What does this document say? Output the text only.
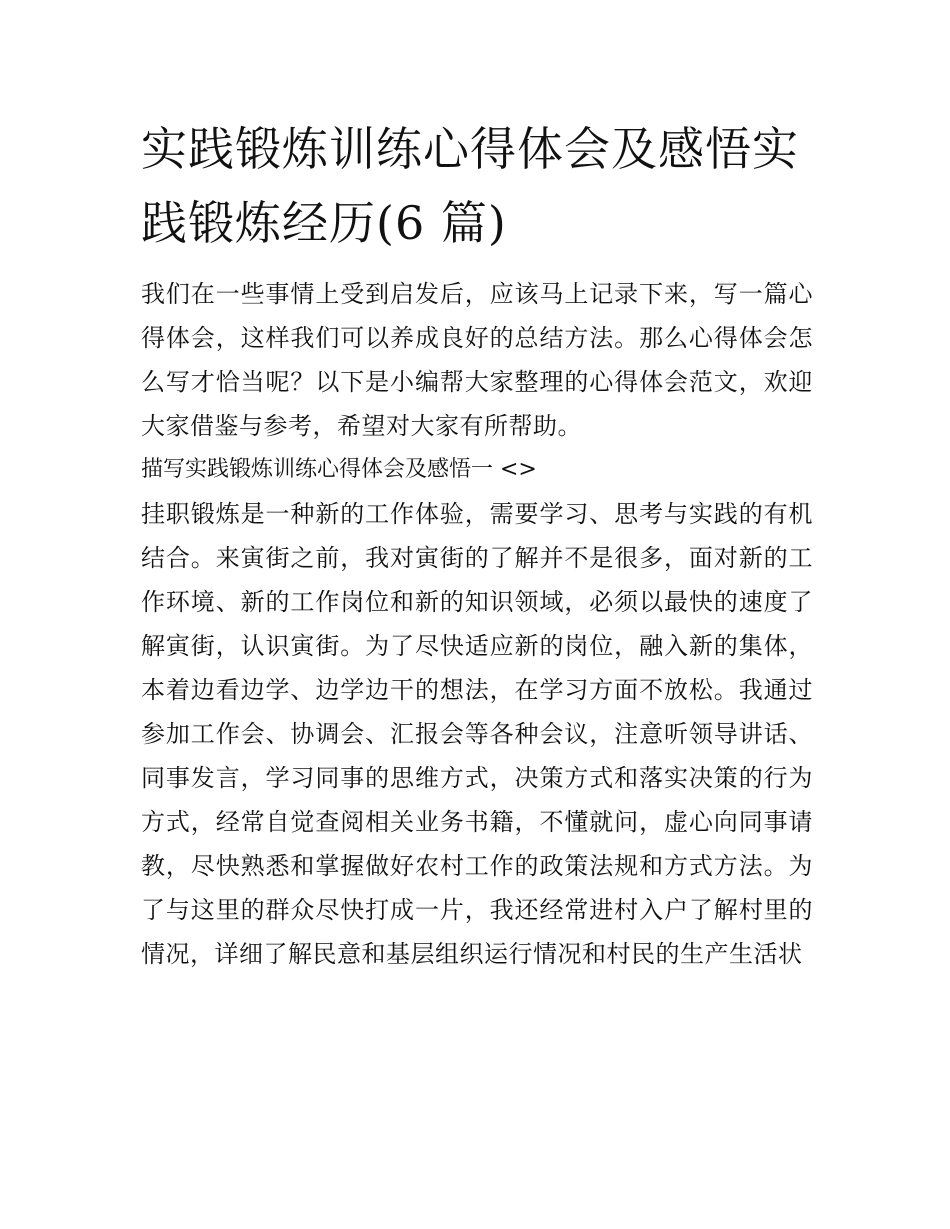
实践锻炼训练心得体会及感悟实践锻炼经历(6 篇)

我们在一些事情上受到启发后，应该马上记录下来，写一篇心得体会，这样我们可以养成良好的总结方法。那么心得体会怎么写才恰当呢？以下是小编帮大家整理的心得体会范文，欢迎大家借鉴与参考，希望对大家有所帮助。

描写实践锻炼训练心得体会及感悟一 <>

挂职锻炼是一种新的工作体验，需要学习、思考与实践的有机结合。来寅街之前，我对寅街的了解并不是很多，面对新的工作环境、新的工作岗位和新的知识领域，必须以最快的速度了解寅街，认识寅街。为了尽快适应新的岗位，融入新的集体，本着边看边学、边学边干的想法，在学习方面不放松。我通过参加工作会、协调会、汇报会等各种会议，注意听领导讲话、同事发言，学习同事的思维方式，决策方式和落实决策的行为方式，经常自觉查阅相关业务书籍，不懂就问，虚心向同事请教，尽快熟悉和掌握做好农村工作的政策法规和方式方法。为了与这里的群众尽快打成一片，我还经常进村入户了解村里的情况，详细了解民意和基层组织运行情况和村民的生产生活状
